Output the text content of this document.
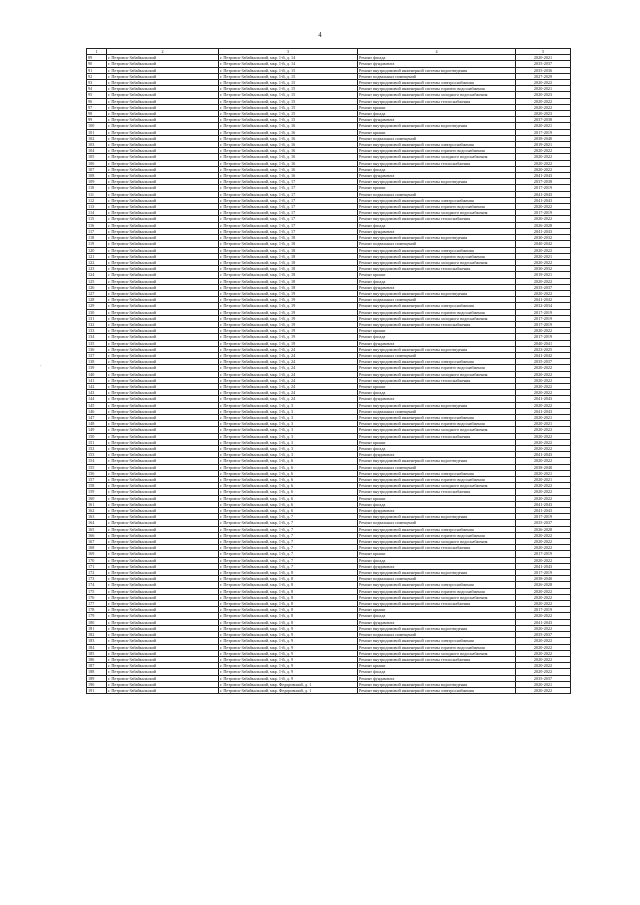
4
·
1	2	3	4	5
89	г. Петровск-Забайкальский	г. Петровск-Забайкальский, мкр. 1-й, д. 14	Ремонт фасада	2020-2021
90	г. Петровск-Забайкальский	г. Петровск-Забайкальский, мкр. 1-й, д. 14	Ремонт фундамента	2035-2037
91	г. Петровск-Забайкальский	г. Петровск-Забайкальский, мкр. 1-й, д. 15	Ремонт внутридомовой инженерной системы водоотведения	2035-2036
92	г. Петровск-Забайкальский	г. Петровск-Забайкальский, мкр. 1-й, д. 15	Ремонт подвальных помещений	2027-2029
93	г. Петровск-Забайкальский	г. Петровск-Забайкальский, мкр. 1-й, д. 15	Ремонт внутридомовой инженерной системы электроснабжения	2020-2022
94	г. Петровск-Забайкальский	г. Петровск-Забайкальский, мкр. 1-й, д. 15	Ремонт внутридомовой инженерной системы горячего водоснабжения	2020-2021
95	г. Петровск-Забайкальский	г. Петровск-Забайкальский, мкр. 1-й, д. 15	Ремонт внутридомовой инженерной системы холодного водоснабжения	2020-2023
96	г. Петровск-Забайкальский	г. Петровск-Забайкальский, мкр. 1-й, д. 15	Ремонт внутридомовой инженерной системы теплоснабжения	2020-2022
97	г. Петровск-Забайкальский	г. Петровск-Забайкальский, мкр. 1-й, д. 15	Ремонт крыши	2020-2022
98	г. Петровск-Забайкальский	г. Петровск-Забайкальский, мкр. 1-й, д. 15	Ремонт фасада	2020-2023
99	г. Петровск-Забайкальский	г. Петровск-Забайкальский, мкр. 1-й, д. 15	Ремонт фундамента	2037-2038
100	г. Петровск-Забайкальский	г. Петровск-Забайкальский, мкр. 1-й, д. 16	Ремонт внутридомовой инженерной системы водоотведения	2020-2021
101	г. Петровск-Забайкальский	г. Петровск-Забайкальский, мкр. 1-й, д. 16	Ремонт крыши	2017-2019
102	г. Петровск-Забайкальский	г. Петровск-Забайкальский, мкр. 1-й, д. 16	Ремонт подвальных помещений	2038-2040
103	г. Петровск-Забайкальский	г. Петровск-Забайкальский, мкр. 1-й, д. 16	Ремонт внутридомовой инженерной системы электроснабжения	2019-2021
104	г. Петровск-Забайкальский	г. Петровск-Забайкальский, мкр. 1-й, д. 16	Ремонт внутридомовой инженерной системы горячего водоснабжения	2020-2022
105	г. Петровск-Забайкальский	г. Петровск-Забайкальский, мкр. 1-й, д. 16	Ремонт внутридомовой инженерной системы холодного водоснабжения	2020-2022
106	г. Петровск-Забайкальский	г. Петровск-Забайкальский, мкр. 1-й, д. 16	Ремонт внутридомовой инженерной системы теплоснабжения	2020-2022
107	г. Петровск-Забайкальский	г. Петровск-Забайкальский, мкр. 1-й, д. 16	Ремонт фасада	2020-2022
108	г. Петровск-Забайкальский	г. Петровск-Забайкальский, мкр. 1-й, д. 16	Ремонт фундамента	2041-2043
109	г. Петровск-Забайкальский	г. Петровск-Забайкальский, мкр. 1-й, д. 17	Ремонт внутридомовой инженерной системы водоотведения	2037-2038
110	г. Петровск-Забайкальский	г. Петровск-Забайкальский, мкр. 1-й, д. 17	Ремонт крыши	2017-2019
111	г. Петровск-Забайкальский	г. Петровск-Забайкальский, мкр. 1-й, д. 17	Ремонт подвальных помещений	2041-2043
112	г. Петровск-Забайкальский	г. Петровск-Забайкальский, мкр. 1-й, д. 17	Ремонт внутридомовой инженерной системы электроснабжения	2041-2043
113	г. Петровск-Забайкальский	г. Петровск-Забайкальский, мкр. 1-й, д. 17	Ремонт внутридомовой инженерной системы горячего водоснабжения	2020-2022
114	г. Петровск-Забайкальский	г. Петровск-Забайкальский, мкр. 1-й, д. 17	Ремонт внутридомовой инженерной системы холодного водоснабжения	2017-2019
115	г. Петровск-Забайкальский	г. Петровск-Забайкальский, мкр. 1-й, д. 17	Ремонт внутридомовой инженерной системы теплоснабжения	2020-2022
116	г. Петровск-Забайкальский	г. Петровск-Забайкальский, мкр. 1-й, д. 17	Ремонт фасада	2026-2028
117	г. Петровск-Забайкальский	г. Петровск-Забайкальский, мкр. 1-й, д. 17	Ремонт фундамента	2041-2043
118	г. Петровск-Забайкальский	г. Петровск-Забайкальский, мкр. 1-й, д. 18	Ремонт внутридомовой инженерной системы водоотведения	2030-2032
119	г. Петровск-Забайкальский	г. Петровск-Забайкальский, мкр. 1-й, д. 18	Ремонт подвальных помещений	2040-2042
120	г. Петровск-Забайкальский	г. Петровск-Забайкальский, мкр. 1-й, д. 18	Ремонт внутридомовой инженерной системы электроснабжения	2020-2022
121	г. Петровск-Забайкальский	г. Петровск-Забайкальский, мкр. 1-й, д. 18	Ремонт внутридомовой инженерной системы горячего водоснабжения	2020-2021
122	г. Петровск-Забайкальский	г. Петровск-Забайкальский, мкр. 1-й, д. 18	Ремонт внутридомовой инженерной системы холодного водоснабжения	2020-2022
123	г. Петровск-Забайкальский	г. Петровск-Забайкальский, мкр. 1-й, д. 18	Ремонт внутридомовой инженерной системы теплоснабжения	2030-2032
124	г. Петровск-Забайкальский	г. Петровск-Забайкальский, мкр. 1-й, д. 18	Ремонт крыши	2019-2021
125	г. Петровск-Забайкальский	г. Петровск-Забайкальский, мкр. 1-й, д. 18	Ремонт фасада	2020-2022
126	г. Петровск-Забайкальский	г. Петровск-Забайкальский, мкр. 1-й, д. 18	Ремонт фундамента	2035-2037
127	г. Петровск-Забайкальский	г. Петровск-Забайкальский, мкр. 1-й, д. 19	Ремонт внутридомовой инженерной системы водоотведения	2020-2022
128	г. Петровск-Забайкальский	г. Петровск-Забайкальский, мкр. 1-й, д. 19	Ремонт подвальных помещений	2041-2042
129	г. Петровск-Забайкальский	г. Петровск-Забайкальский, мкр. 1-й, д. 19	Ремонт внутридомовой инженерной системы электроснабжения	2032-2034
130	г. Петровск-Забайкальский	г. Петровск-Забайкальский, мкр. 1-й, д. 19	Ремонт внутридомовой инженерной системы горячего водоснабжения	2017-2019
131	г. Петровск-Забайкальский	г. Петровск-Забайкальский, мкр. 1-й, д. 19	Ремонт внутридомовой инженерной системы холодного водоснабжения	2017-2019
132	г. Петровск-Забайкальский	г. Петровск-Забайкальский, мкр. 1-й, д. 19	Ремонт внутридомовой инженерной системы теплоснабжения	2017-2019
133	г. Петровск-Забайкальский	г. Петровск-Забайкальский, мкр. 1-й, д. 19	Ремонт крыши	2020-2022
134	г. Петровск-Забайкальский	г. Петровск-Забайкальский, мкр. 1-й, д. 19	Ремонт фасада	2017-2019
135	г. Петровск-Забайкальский	г. Петровск-Забайкальский, мкр. 1-й, д. 19	Ремонт фундамента	2040-2041
136	г. Петровск-Забайкальский	г. Петровск-Забайкальский, мкр. 1-й, д. 24	Ремонт внутридомовой инженерной системы водоотведения	2023-2025
137	г. Петровск-Забайкальский	г. Петровск-Забайкальский, мкр. 1-й, д. 24	Ремонт подвальных помещений	2041-2042
138	г. Петровск-Забайкальский	г. Петровск-Забайкальский, мкр. 1-й, д. 24	Ремонт внутридомовой инженерной системы электроснабжения	2035-2037
139	г. Петровск-Забайкальский	г. Петровск-Забайкальский, мкр. 1-й, д. 24	Ремонт внутридомовой инженерной системы горячего водоснабжения	2020-2022
140	г. Петровск-Забайкальский	г. Петровск-Забайкальский, мкр. 1-й, д. 24	Ремонт внутридомовой инженерной системы холодного водоснабжения	2020-2022
141	г. Петровск-Забайкальский	г. Петровск-Забайкальский, мкр. 1-й, д. 24	Ремонт внутридомовой инженерной системы теплоснабжения	2020-2022
142	г. Петровск-Забайкальский	г. Петровск-Забайкальский, мкр. 1-й, д. 24	Ремонт крыши	2020-2022
143	г. Петровск-Забайкальский	г. Петровск-Забайкальский, мкр. 1-й, д. 24	Ремонт фасада	2020-2022
144	г. Петровск-Забайкальский	г. Петровск-Забайкальский, мкр. 1-й, д. 24	Ремонт фундамента	2041-2043
145	г. Петровск-Забайкальский	г. Петровск-Забайкальский, мкр. 1-й, д. 3	Ремонт внутридомовой инженерной системы водоотведения	2020-2022
146	г. Петровск-Забайкальский	г. Петровск-Забайкальский, мкр. 1-й, д. 3	Ремонт подвальных помещений	2041-2043
147	г. Петровск-Забайкальский	г. Петровск-Забайкальский, мкр. 1-й, д. 3	Ремонт внутридомовой инженерной системы электроснабжения	2020-2021
148	г. Петровск-Забайкальский	г. Петровск-Забайкальский, мкр. 1-й, д. 3	Ремонт внутридомовой инженерной системы горячего водоснабжения	2020-2021
149	г. Петровск-Забайкальский	г. Петровск-Забайкальский, мкр. 1-й, д. 3	Ремонт внутридомовой инженерной системы холодного водоснабжения	2020-2022
150	г. Петровск-Забайкальский	г. Петровск-Забайкальский, мкр. 1-й, д. 3	Ремонт внутридомовой инженерной системы теплоснабжения	2020-2022
151	г. Петровск-Забайкальский	г. Петровск-Забайкальский, мкр. 1-й, д. 3	Ремонт крыши	2020-2022
152	г. Петровск-Забайкальский	г. Петровск-Забайкальский, мкр. 1-й, д. 3	Ремонт фасада	2020-2022
153	г. Петровск-Забайкальский	г. Петровск-Забайкальский, мкр. 1-й, д. 3	Ремонт фундамента	2041-2043
154	г. Петровск-Забайкальский	г. Петровск-Забайкальский, мкр. 1-й, д. 6	Ремонт внутридомовой инженерной системы водоотведения	2020-2022
155	г. Петровск-Забайкальский	г. Петровск-Забайкальский, мкр. 1-й, д. 6	Ремонт подвальных помещений	2038-2040
156	г. Петровск-Забайкальский	г. Петровск-Забайкальский, мкр. 1-й, д. 6	Ремонт внутридомовой инженерной системы электроснабжения	2020-2021
157	г. Петровск-Забайкальский	г. Петровск-Забайкальский, мкр. 1-й, д. 6	Ремонт внутридомовой инженерной системы горячего водоснабжения	2020-2021
158	г. Петровск-Забайкальский	г. Петровск-Забайкальский, мкр. 1-й, д. 6	Ремонт внутридомовой инженерной системы холодного водоснабжения	2020-2022
159	г. Петровск-Забайкальский	г. Петровск-Забайкальский, мкр. 1-й, д. 6	Ремонт внутридомовой инженерной системы теплоснабжения	2020-2022
160	г. Петровск-Забайкальский	г. Петровск-Забайкальский, мкр. 1-й, д. 6	Ремонт крыши	2020-2022
161	г. Петровск-Забайкальский	г. Петровск-Забайкальский, мкр. 1-й, д. 6	Ремонт фасада	2041-2043
162	г. Петровск-Забайкальский	г. Петровск-Забайкальский, мкр. 1-й, д. 6	Ремонт фундамента	2041-2043
163	г. Петровск-Забайкальский	г. Петровск-Забайкальский, мкр. 1-й, д. 7	Ремонт внутридомовой инженерной системы водоотведения	2017-2019
164	г. Петровск-Забайкальский	г. Петровск-Забайкальский, мкр. 1-й, д. 7	Ремонт подвальных помещений	2035-2037
165	г. Петровск-Забайкальский	г. Петровск-Забайкальский, мкр. 1-й, д. 7	Ремонт внутридомовой инженерной системы электроснабжения	2026-2028
166	г. Петровск-Забайкальский	г. Петровск-Забайкальский, мкр. 1-й, д. 7	Ремонт внутридомовой инженерной системы горячего водоснабжения	2020-2022
167	г. Петровск-Забайкальский	г. Петровск-Забайкальский, мкр. 1-й, д. 7	Ремонт внутридомовой инженерной системы холодного водоснабжения	2020-2022
168	г. Петровск-Забайкальский	г. Петровск-Забайкальский, мкр. 1-й, д. 7	Ремонт внутридомовой инженерной системы теплоснабжения	2020-2022
169	г. Петровск-Забайкальский	г. Петровск-Забайкальский, мкр. 1-й, д. 7	Ремонт крыши	2017-2019
170	г. Петровск-Забайкальский	г. Петровск-Забайкальский, мкр. 1-й, д. 7	Ремонт фасада	2020-2022
171	г. Петровск-Забайкальский	г. Петровск-Забайкальский, мкр. 1-й, д. 7	Ремонт фундамента	2041-2043
172	г. Петровск-Забайкальский	г. Петровск-Забайкальский, мкр. 1-й, д. 8	Ремонт внутридомовой инженерной системы водоотведения	2017-2019
173	г. Петровск-Забайкальский	г. Петровск-Забайкальский, мкр. 1-й, д. 8	Ремонт подвальных помещений	2038-2040
174	г. Петровск-Забайкальский	г. Петровск-Забайкальский, мкр. 1-й, д. 8	Ремонт внутридомовой инженерной системы электроснабжения	2026-2028
175	г. Петровск-Забайкальский	г. Петровск-Забайкальский, мкр. 1-й, д. 8	Ремонт внутридомовой инженерной системы горячего водоснабжения	2020-2022
176	г. Петровск-Забайкальский	г. Петровск-Забайкальский, мкр. 1-й, д. 8	Ремонт внутридомовой инженерной системы холодного водоснабжения	2020-2022
177	г. Петровск-Забайкальский	г. Петровск-Забайкальский, мкр. 1-й, д. 8	Ремонт внутридомовой инженерной системы теплоснабжения	2020-2022
178	г. Петровск-Забайкальский	г. Петровск-Забайкальский, мкр. 1-й, д. 8	Ремонт крыши	2017-2019
179	г. Петровск-Забайкальский	г. Петровск-Забайкальский, мкр. 1-й, д. 8	Ремонт фасада	2020-2022
180	г. Петровск-Забайкальский	г. Петровск-Забайкальский, мкр. 1-й, д. 8	Ремонт фундамента	2041-2043
181	г. Петровск-Забайкальский	г. Петровск-Забайкальский, мкр. 1-й, д. 9	Ремонт внутридомовой инженерной системы водоотведения	2020-2022
182	г. Петровск-Забайкальский	г. Петровск-Забайкальский, мкр. 1-й, д. 9	Ремонт подвальных помещений	2035-2037
183	г. Петровск-Забайкальский	г. Петровск-Забайкальский, мкр. 1-й, д. 9	Ремонт внутридомовой инженерной системы электроснабжения	2020-2022
184	г. Петровск-Забайкальский	г. Петровск-Забайкальский, мкр. 1-й, д. 9	Ремонт внутридомовой инженерной системы горячего водоснабжения	2020-2022
185	г. Петровск-Забайкальский	г. Петровск-Забайкальский, мкр. 1-й, д. 9	Ремонт внутридомовой инженерной системы холодного водоснабжения	2020-2022
186	г. Петровск-Забайкальский	г. Петровск-Забайкальский, мкр. 1-й, д. 9	Ремонт внутридомовой инженерной системы теплоснабжения	2020-2022
187	г. Петровск-Забайкальский	г. Петровск-Забайкальский, мкр. 1-й, д. 9	Ремонт крыши	2020-2022
188	г. Петровск-Забайкальский	г. Петровск-Забайкальский, мкр. 1-й, д. 9	Ремонт фасада	2020-2022
189	г. Петровск-Забайкальский	г. Петровск-Забайкальский, мкр. 1-й, д. 9	Ремонт фундамента	2035-2037
190	г. Петровск-Забайкальский	г. Петровск-Забайкальский, мкр. Федоровский, д. 1	Ремонт внутридомовой инженерной системы водоотведения	2020-2021
191	г. Петровск-Забайкальский	г. Петровск-Забайкальский, мкр. Федоровский, д. 1	Ремонт внутридомовой инженерной системы электроснабжения	2020-2022
